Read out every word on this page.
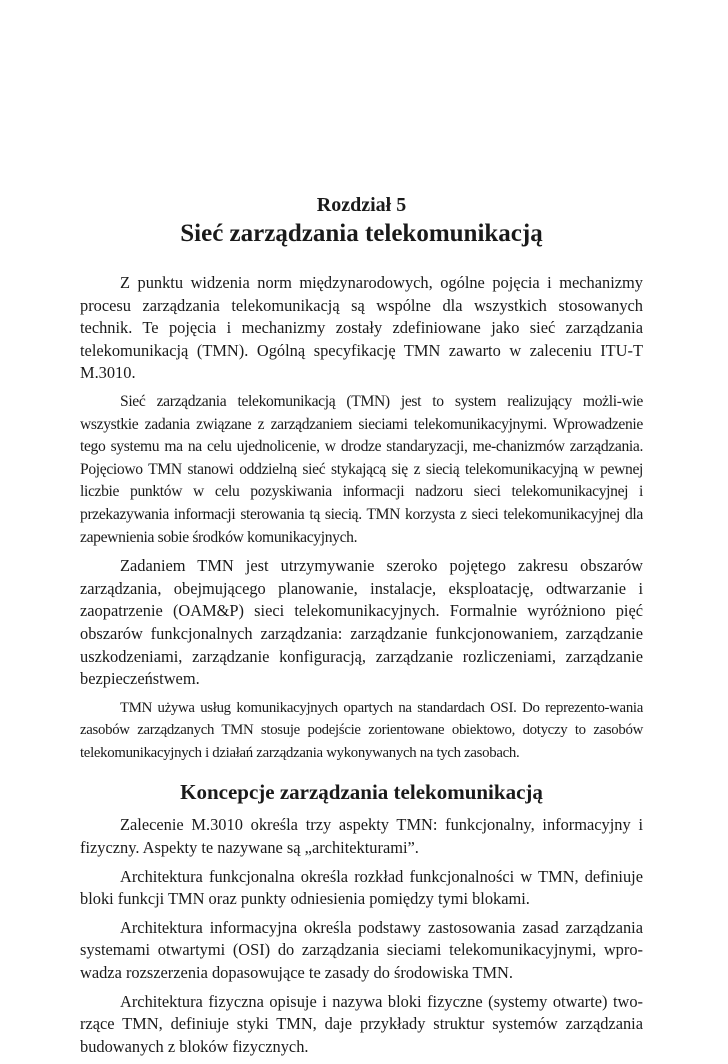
Rozdział 5

Sieć zarządzania telekomunikacją

Z punktu widzenia norm międzynarodowych, ogólne pojęcia i mechanizmy procesu zarządzania telekomunikacją są wspólne dla wszystkich stosowanych technik. Te pojęcia i mechanizmy zostały zdefiniowane jako sieć zarządzania telekomunikacją (TMN). Ogólną specyfikację TMN zawarto w zaleceniu ITU-T M.3010.

Sieć zarządzania telekomunikacją (TMN) jest to system realizujący możli-wie wszystkie zadania związane z zarządzaniem sieciami telekomunikacyjnymi. Wprowadzenie tego systemu ma na celu ujednolicenie, w drodze standaryzacji, me-chanizmów zarządzania. Pojęciowo TMN stanowi oddzielną sieć stykającą się z siecią telekomunikacyjną w pewnej liczbie punktów w celu pozyskiwania informacji nadzoru sieci telekomunikacyjnej i przekazywania informacji sterowania tą siecią. TMN korzysta z sieci telekomunikacyjnej dla zapewnienia sobie środków komunikacyjnych.

Zadaniem TMN jest utrzymywanie szeroko pojętego zakresu obszarów zarządzania, obejmującego planowanie, instalacje, eksploatację, odtwarzanie i zaopatrzenie (OAM&P) sieci telekomunikacyjnych. Formalnie wyróżniono pięć obszarów funkcjonalnych zarządzania: zarządzanie funkcjonowaniem, zarządzanie uszkodzeniami, zarządzanie konfiguracją, zarządzanie rozliczeniami, zarządzanie bezpieczeństwem.

TMN używa usług komunikacyjnych opartych na standardach OSI. Do reprezento-wania zasobów zarządzanych TMN stosuje podejście zorientowane obiektowo, dotyczy to zasobów telekomunikacyjnych i działań zarządzania wykonywanych na tych zasobach.

Koncepcje zarządzania telekomunikacją

Zalecenie M.3010 określa trzy aspekty TMN: funkcjonalny, informacyjny i fizyczny. Aspekty te nazywane są „architekturami”.

Architektura funkcjonalna określa rozkład funkcjonalności w TMN, definiuje bloki funkcji TMN oraz punkty odniesienia pomiędzy tymi blokami.

Architektura informacyjna określa podstawy zastosowania zasad zarządzania systemami otwartymi (OSI) do zarządzania sieciami telekomunikacyjnymi, wpro-wadza rozszerzenia dopasowujące te zasady do środowiska TMN.

Architektura fizyczna opisuje i nazywa bloki fizyczne (systemy otwarte) two-rzące TMN, definiuje styki TMN, daje przykłady struktur systemów zarządzania budowanych z bloków fizycznych.
